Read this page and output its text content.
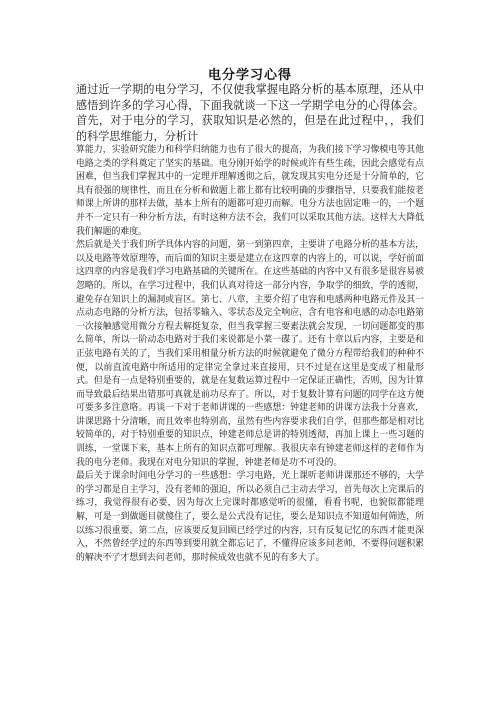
电分学习心得

通过近一学期的电分学习，不仅使我掌握电路分析的基本原理，还从中感悟到许多的学习心得，下面我就谈一下这一学期学电分的心得体会。首先，对于电分的学习，获取知识是必然的，但是在此过程中，，我们的科学思维能力，分析计

算能力，实验研究能力和科学归纳能力也有了很大的提高，为我们接下学习像模电等其他电路之类的学科奠定了坚实的基础。电分刚开始学的时候或许有些生疏，因此会感觉有点困难，但当我们掌握其中的一定理并理解透彻之后，就发现其实电分还是十分简单的，它具有很强的规律性，而且在分析和做题上都上都有比较明确的步骤指导，只要我们能按老师课上所讲的那样去做，基本上所有的题都可迎刃而解。电分方法也固定唯一的，一个题并不一定只有一种分析方法，有时这种方法不会，我们可以采取其他方法。这样大大降低我们解题的难度。

然后就是关于我们所学具体内容的问题，第一到第四章，主要讲了电路分析的基本方法，以及电路等效原理等，而后面的知识主要是建立在这四章的内容上的，可以说，学好前面这四章的内容是我们学习电路基础的关键所在。在这些基础的内容中又有很多是很容易被忽略的。所以，在学习过程中，我们认真对待这一部分内容，争取学的细致，学的透彻，避免存在知识上的漏洞或盲区。第七、八章，主要介绍了电容和电感两种电路元件及其一点动态电路的分析方法，包括零输入、零状态及完全响应，含有电容和电感的动态电路第一次接触感觉用微分方程去解挺复杂，但当我掌握三要素法就会发现，一切问题都变的那么简单，所以一阶动态电路对于我们来说都是小菜一碟了。还有十章以后内容，主要是和正弦电路有关的了，当我们采用相量分析方法的时候就避免了微分方程带给我们的种种不便，以前直流电路中所适用的定律完全拿过来直接用，只不过是在这里是变成了相量形式。但是有一点是特别重要的，就是在复数运算过程中一定保证正确性，否则，因为计算而导致最后结果出错那可真就是前功尽弃了。所以，对于复数计算有问题的同学在这方便可要多多注意咯。再谈一下对于老师讲课的一些感想：钟建老师的讲课方法我十分喜欢，讲课思路十分清晰，而且效率也特别高，虽然有些内容要求我们自学，但那些都是相对比较简单的，对于特别重要的知识点，钟建老师总是讲的特别透彻，再加上课上一些习题的训练，一堂课下来，基本上所有的知识点都可理解。我很庆幸有钟建老师这样的老师作为我的电分老师。我现在对电分知识的掌握，钟建老师是功不可没的。

最后关于课余时间电分学习的一些感想：学习电路，光上课听老师讲课那还不够的，大学的学习都是自主学习，没有老师的强迫，所以必须自己主动去学习，首先每次上完课后的练习，我觉得很有必要，因为每次上完课时都感觉听的很懂，看看书呢，也貌似都能理解，可是一到做题目就傻住了，要么是公式没有记住，要么是知识点不知道如何筛选，所以练习很重要，第二点，应该要反复回顾已经学过的内容，只有反复记忆的东西才能更深入，不然曾经学过的东西等到要用就全都忘记了，不懂得应该多问老师，不要得问题积累的解决不了才想到去问老师，那时候成效也就不见的有多大了。
